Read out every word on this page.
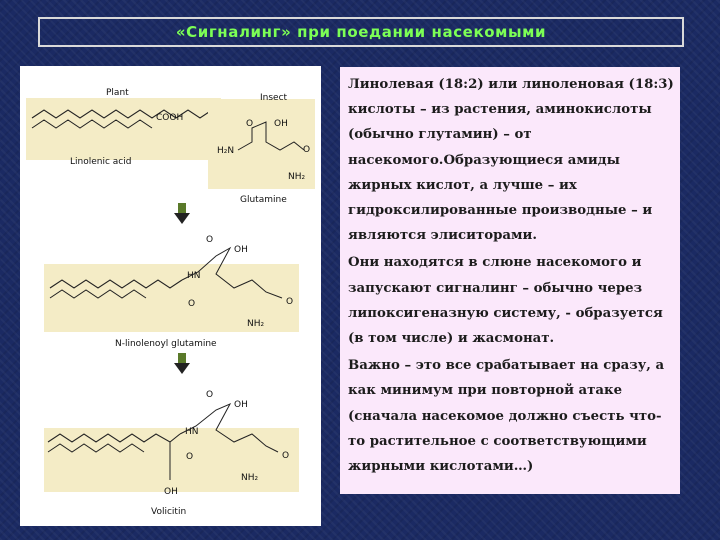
«Сигналинг» при поедании насекомыми
Plant
COOH
Linolenic acid
Insect
O OH
H₂N	O
NH₂
Glutamine
O
OH
HN
O	O
NH₂
N-linolenoyl glutamine
O
OH
HN
O	O
NH₂
OH
Volicitin

Линолевая (18:2) или линоленовая (18:3) кислоты – из растения, аминокислоты (обычно глутамин) – от насекомого.Образующиеся амиды жирных кислот, а лучше – их гидроксилированные производные – и являются элиситорами.

Они находятся в слюне насекомого и запускают сигналинг – обычно через липоксигеназную систему, - образуется (в том числе) и жасмонат.

Важно – это все срабатывает на сразу, а как минимум при повторной атаке (сначала насекомое должно съесть что-то растительное с соответствующими жирными кислотами…)
